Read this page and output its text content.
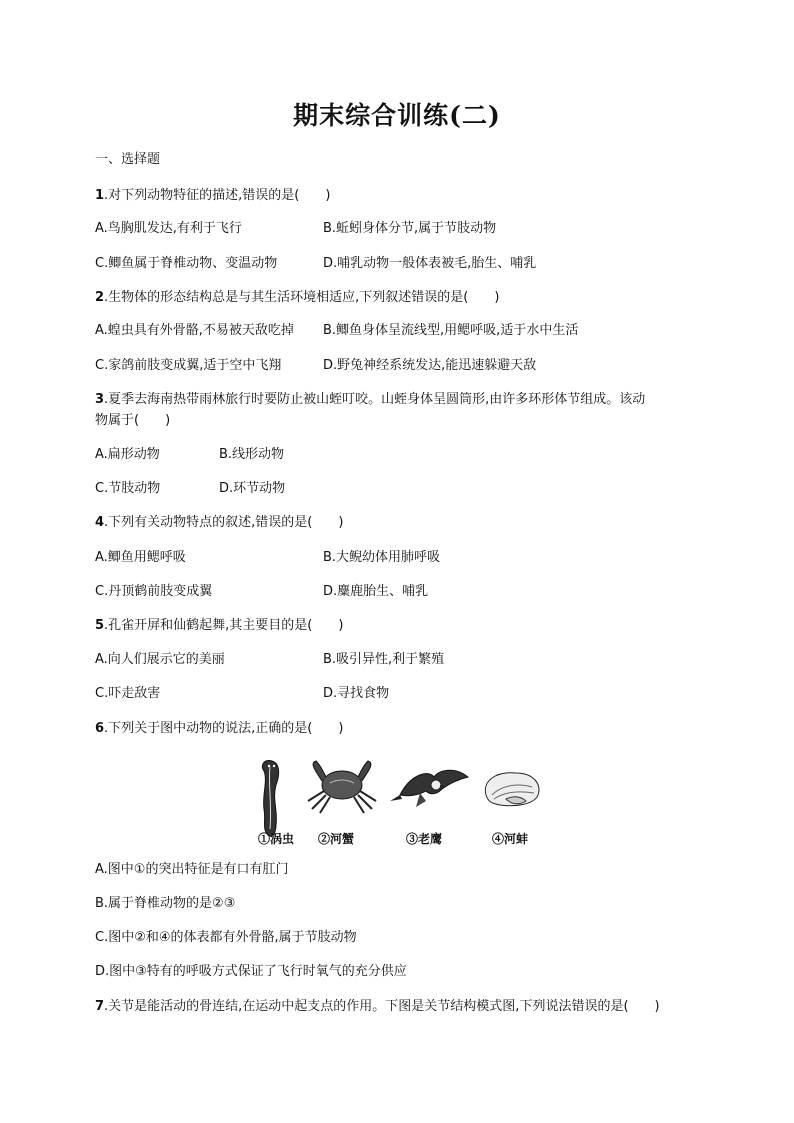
期末综合训练(二)
一、选择题
1.对下列动物特征的描述,错误的是(　　)
A.鸟胸肌发达,有利于飞行	B.蚯蚓身体分节,属于节肢动物
C.鲫鱼属于脊椎动物、变温动物	D.哺乳动物一般体表被毛,胎生、哺乳
2.生物体的形态结构总是与其生活环境相适应,下列叙述错误的是(　　)
A.蝗虫具有外骨骼,不易被天敌吃掉 B.鲫鱼身体呈流线型,用鳃呼吸,适于水中生活
C.家鸽前肢变成翼,适于空中飞翔	D.野兔神经系统发达,能迅速躲避天敌
3.夏季去海南热带雨林旅行时要防止被山蛭叮咬。山蛭身体呈圆筒形,由许多环形体节组成。该动
物属于(　　)
A.扁形动物	B.线形动物
C.节肢动物	D.环节动物
4.下列有关动物特点的叙述,错误的是(　　)
A.鲫鱼用鳃呼吸	B.大鲵幼体用肺呼吸
C.丹顶鹤前肢变成翼	D.麋鹿胎生、哺乳
5.孔雀开屏和仙鹤起舞,其主要目的是(　　)
A.向人们展示它的美丽	B.吸引异性,利于繁殖
C.吓走敌害	D.寻找食物
6.下列关于图中动物的说法,正确的是(　　)
①涡虫 ②河蟹	③老鹰	④河蚌
A.图中①的突出特征是有口有肛门
B.属于脊椎动物的是②③
C.图中②和④的体表都有外骨骼,属于节肢动物
D.图中③特有的呼吸方式保证了飞行时氧气的充分供应
7.关节是能活动的骨连结,在运动中起支点的作用。下图是关节结构模式图,下列说法错误的是(　　)
